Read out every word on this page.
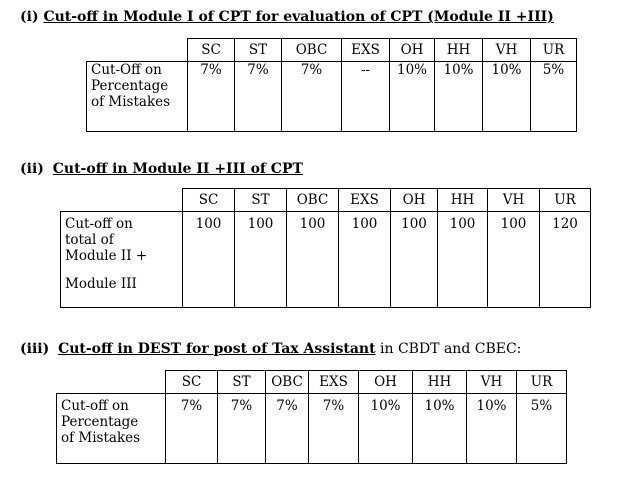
(i) Cut-off in Module I of CPT for evaluation of CPT (Module II +III)
	SC	ST	OBC	EXS	OH	HH	VH	UR

Cut-Off on
Percentage
of Mistakes	7%	7%	7%	--	10%	10%	10%	5%
(ii) Cut-off in Module II +III of CPT
	SC	ST	OBC	EXS	OH	HH	VH	UR

Cut-off on
total of
Module II +
Module III	100	100	100	100	100	100	100	120
(iii) Cut-off in DEST for post of Tax Assistant in CBDT and CBEC:
	SC	ST	OBC	EXS	OH	HH	VH	UR

Cut-off on
Percentage
of Mistakes	7%	7%	7%	7%	10%	10%	10%	5%
